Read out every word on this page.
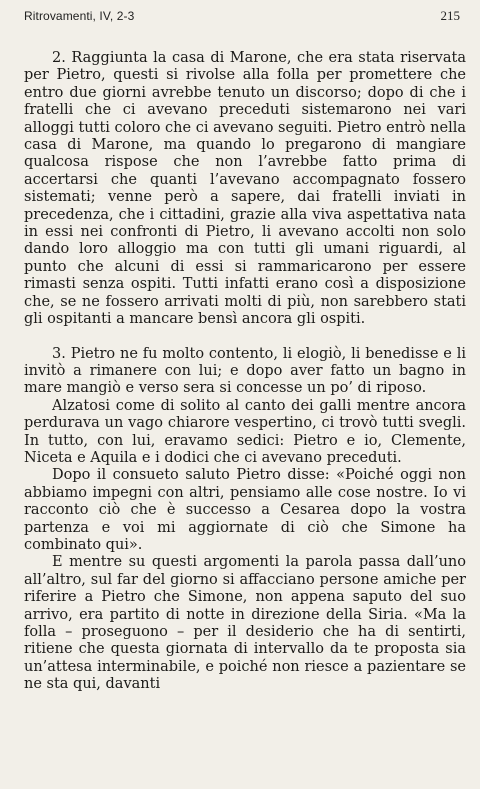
Ritrovamenti, IV, 2-3	215

2. Raggiunta la casa di Marone, che era stata riservata per Pietro, questi si rivolse alla folla per promettere che entro due giorni avrebbe tenuto un discorso; dopo di che i fratelli che ci avevano preceduti sistemarono nei vari alloggi tutti coloro che ci avevano seguiti. Pietro entrò nella casa di Marone, ma quando lo pregarono di mangiare qualcosa rispose che non l’avrebbe fatto prima di accertarsi che quanti l’avevano accompagnato fossero sistemati; venne però a sapere, dai fratelli inviati in precedenza, che i cittadini, grazie alla viva aspettativa nata in essi nei confronti di Pietro, li avevano accolti non solo dando loro alloggio ma con tutti gli umani riguardi, al punto che alcuni di essi si rammaricarono per essere rimasti senza ospiti. Tutti infatti erano così a disposizione che, se ne fossero arrivati molti di più, non sarebbero stati gli ospitanti a mancare bensì ancora gli ospiti.

3. Pietro ne fu molto contento, li elogiò, li benedisse e li invitò a rimanere con lui; e dopo aver fatto un bagno in mare mangiò e verso sera si concesse un po’ di riposo.

Alzatosi come di solito al canto dei galli mentre ancora perdurava un vago chiarore vespertino, ci trovò tutti svegli. In tutto, con lui, eravamo sedici: Pietro e io, Clemente, Niceta e Aquila e i dodici che ci avevano preceduti.

Dopo il consueto saluto Pietro disse: «Poiché oggi non abbiamo impegni con altri, pensiamo alle cose nostre. Io vi racconto ciò che è successo a Cesarea dopo la vostra partenza e voi mi aggiornate di ciò che Simone ha combinato qui».

E mentre su questi argomenti la parola passa dall’uno all’altro, sul far del giorno si affacciano persone amiche per riferire a Pietro che Simone, non appena saputo del suo arrivo, era partito di notte in direzione della Siria. «Ma la folla – proseguono – per il desiderio che ha di sentirti, ritiene che questa giornata di intervallo da te proposta sia un’attesa interminabile, e poiché non riesce a pazientare se ne sta qui, davanti
